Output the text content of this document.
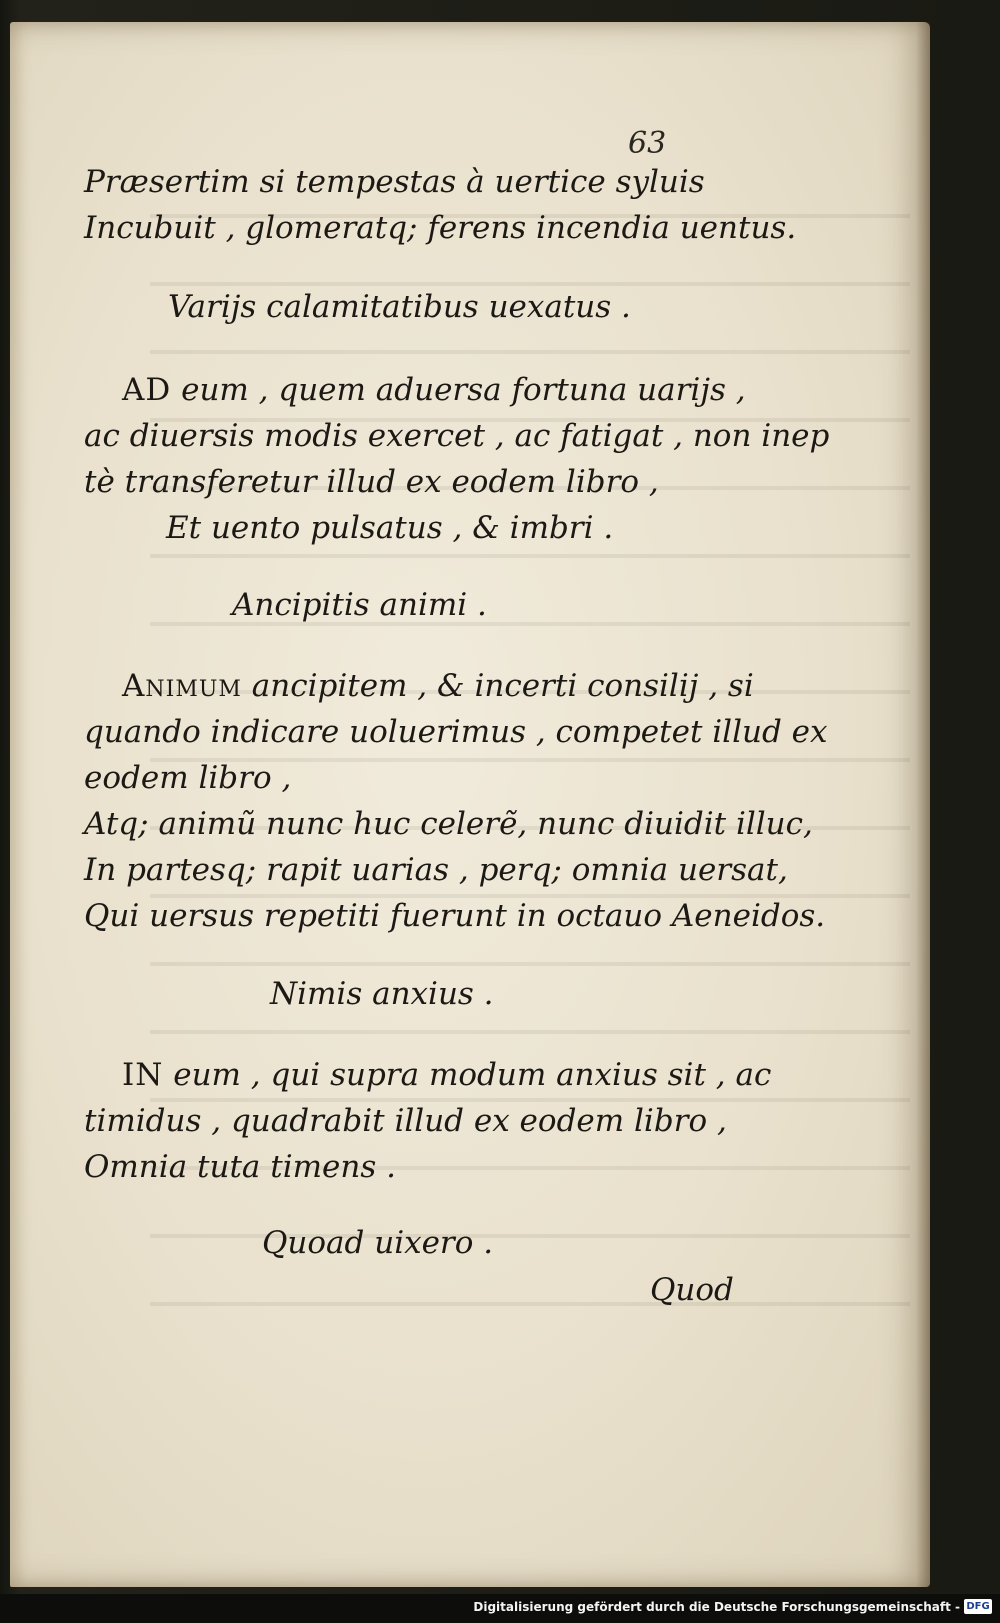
63
Præsertim si tempestas à uertice syluis
Incubuit , glomeratq; ferens incendia uentus.
Varijs calamitatibus uexatus .
AD eum , quem aduersa fortuna uarijs ,
ac diuersis modis exercet , ac fatigat , non inep
tè transferetur illud ex eodem libro ,
Et uento pulsatus , & imbri .
Ancipitis animi .
Animum ancipitem , & incerti consilij , si
quando indicare uoluerimus , competet illud ex
eodem libro ,
Atq; animũ nunc huc celerẽ, nunc diuidit illuc,
In partesq; rapit uarias , perq; omnia uersat,
Qui uersus repetiti fuerunt in octauo Aeneidos.
Nimis anxius .
IN eum , qui supra modum anxius sit , ac
timidus , quadrabit illud ex eodem libro ,
Omnia tuta timens .
Quoad uixero .
Quod
Digitalisierung gefördert durch die Deutsche Forschungsgemeinschaft - DFG
